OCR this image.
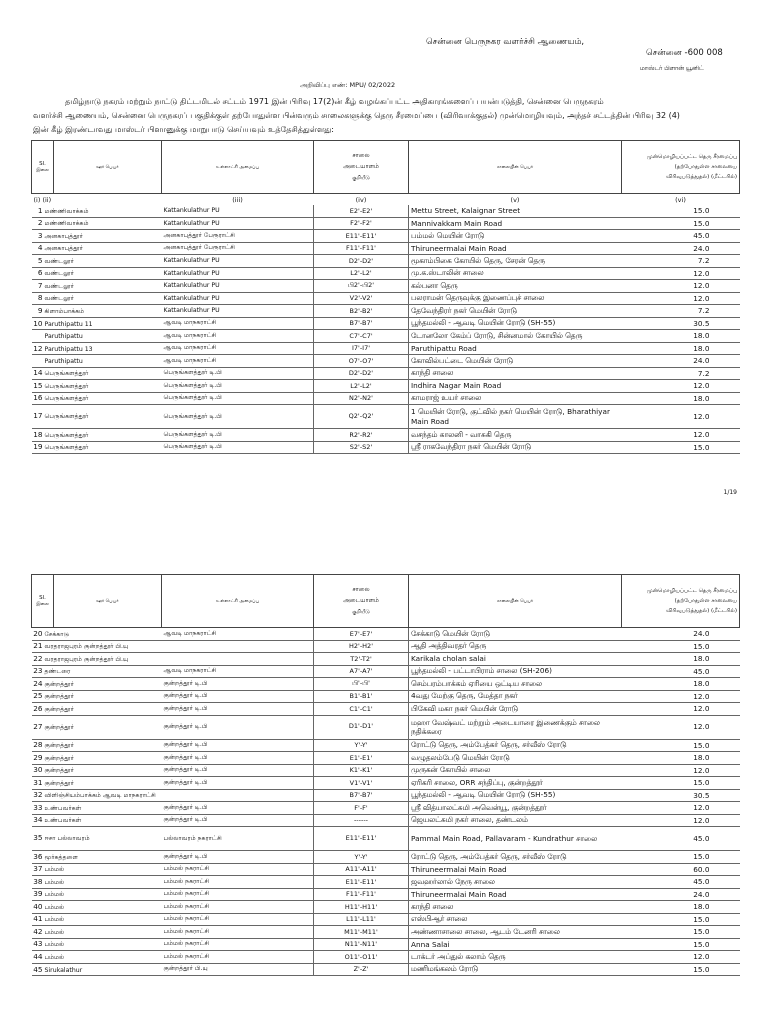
சென்னை பெருநகர வளர்ச்சி ஆணையம்,
சென்னை -600 008
மாஸ்டர் பிளான் யூனிட்
அறிவிப்பு எண்: MPU/ 02/2022

தமிழ்நாடு நகரம் மற்றும் நாட்டு திட்டமிடல் சட்டம் 1971 இன் பிரிவு 17(2)ன் கீழ் வழங்கப்பட்ட அதிகாரங்களைப் பயன்படுத்தி, சென்னை பெருநகரம்

வளர்ச்சி ஆணையம், சென்னை பெருநகரப் பகுதிக்குள் தற்போதுள்ள பின்வரும் சாலைகளுக்கு தெரு சீரமைப்பை (விரிவாக்குதல்) முன்மொழியவும், அந்தச் சட்டத்தின் பிரிவு 32 (4)

இன் கீழ் இரண்டாவது மாஸ்டர் பிளானுக்கு மாறுபாடு செய்யவும் உத்தேசித்துள்ளது:

Sl.
இலை	ஊர் பெயர்	உள்ளாட்சி அமைப்பு	சாலை
அடையாளம்
குறியீடு	சாலையின் பெயர்	முன்மொழியப்பட்ட தெரு சீரமைப்பு
(தற்போதுள்ள சாலையை
விரிவுபடுத்துதல்) (மீட்டரில்)
(i) (ii)		(iii)	(iv)	(v)	(vi)
1 மண்ணிவாக்கம்		Kattankulathur PU	E2'-E2'	Mettu Street, Kalaignar Street	15.0
2 மண்ணிவாக்கம்		Kattankulathur PU	F2'-F2'	Mannivakkam Main Road	15.0
3 அனகாபுத்தூர்		அனகாபுத்தூர் பேரூராட்சி	E11'-E11'	பம்மல் மெயின் ரோடு	45.0
4 அனகாபுத்தூர்		அனகாபுத்தூர் பேரூராட்சி	F11'-F11'	Thiruneermalai Main Road	24.0
5 வண்டலூர்		Kattankulathur PU	D2'-D2'	மூகாம்பிகை கோயில் தெரு, சேரன் தெரு	7.2
6 வண்டலூர்		Kattankulathur PU	L2'-L2'	மு.க.ஸ்டாலின் சாலை	12.0
7 வண்டலூர்		Kattankulathur PU	பி2'-பி2'	கல்பனா தெரு	12.0
8 வண்டலூர்		Kattankulathur PU	V2'-V2'	பலராமன் தெருவுக்கு இணைப்புச் சாலை	12.0
9 கிளாம்பாக்கம்		Kattankulathur PU	B2'-B2'	தேவேந்திரர் நகர் மெயின் ரோடு	7.2
10 Paruthipattu 11		ஆவடி மாநகராட்சி	B7'-B7'	பூந்தமல்லி - ஆவடி மெயின் ரோடு (SH-55)	30.5
Paruthipattu		ஆவடி மாநகராட்சி	C7'-C7'	டோனலோ கேம்ப் ரோடு, சின்னமால் கோயில் தெரு	18.0
12 Paruthipattu 13		ஆவடி மாநகராட்சி	I7'-I7'	Paruthipattu Road	18.0
Paruthipattu		ஆவடி மாநகராட்சி	O7'-O7'	கோவில்பட்டை மெயின் ரோடு	24.0
14 பெருங்களத்தூர்		பெருங்களத்தூர் டி.பி	D2'-D2'	காந்தி சாலை	7.2
15 பெருங்களத்தூர்		பெருங்களத்தூர் டி.பி	L2'-L2'	Indhira Nagar Main Road	12.0
16 பெருங்களத்தூர்		பெருங்களத்தூர் டி.பி	N2'-N2'	காமராஜ் உயர் சாலை	18.0
17 பெருங்களத்தூர்		பெருங்களத்தூர் டி.பி	Q2'-Q2'	1 மெயின் ரோடு, குட்வில் நகர் மெயின் ரோடு, Bharathiyar Main Road	12.0
18 பெருங்களத்தூர்		பெருங்களத்தூர் டி.பி	R2'-R2'	வசந்தம் காலனி - வாசுகி தெரு	12.0
19 பெருங்களத்தூர்		பெருங்களத்தூர் டி.பி	S2'-S2'	ஸ்ரீ ராகவேந்திரா நகர் மெயின் ரோடு	15.0
1/19
Sl.
இலை	ஊர் பெயர்	உள்ளாட்சி அமைப்பு	சாலை
அடையாளம்
குறியீடு	சாலையின் பெயர்	முன்மொழியப்பட்ட தெரு சீரமைப்பு
(தற்போதுள்ள சாலையை
விரிவுபடுத்துதல்) (மீட்டரில்)
20 சேக்காடு		ஆவடி மாநகராட்சி	E7'-E7'	சேக்காடு மெயின் ரோடு	24.0
21 வரதராஜபுரம் குன்றத்தூர் பி.யு			H2'-H2'	ஆதி அத்திவரதர் தெரு	15.0
22 வரதராஜபுரம் குன்றத்தூர் பி.யு			T2'-T2'	Karikala cholan salai	18.0
23 தண்டரை		ஆவடி மாநகராட்சி	A7'-A7'	பூந்தமல்லி - பட்டாபிராம் சாலை (SH-206)	45.0
24 குன்றத்தூர்		குன்றத்தூர் டி.பி	பி'-பி'	செம்பரம்பாக்கம் ஏரியை ஒட்டிய சாலை	18.0
25 குன்றத்தூர்		குன்றத்தூர் டி.பி	B1'-B1'	4வது மேற்கு தெரு, மேத்தா நகர்	12.0
26 குன்றத்தூர்		குன்றத்தூர் டி.பி	C1'-C1'	பிகேவி மகா நகர் மெயின் ரோடு	12.0
27 குன்றத்தூர்		குன்றத்தூர் டி.பி	D1'-D1'	மஹா வேஷ்வட் மற்றும் அடையாரை இணைக்கும் சாலை நதிக்கரை	12.0
28 குன்றத்தூர்		குன்றத்தூர் டி.பி	Y'-Y'	ரோட்டு தெரு, அம்பேத்கர் தெரு, சர்வீஸ் ரோடு	15.0
29 குன்றத்தூர்		குன்றத்தூர் டி.பி	E1'-E1'	வழுதலம்பேடு மெயின் ரோடு	18.0
30 குன்றத்தூர்		குன்றத்தூர் டி.பி	K1'-K1'	முருகன் கோயில் சாலை	12.0
31 குன்றத்தூர்		குன்றத்தூர் டி.பி	V1'-V1'	ஏரிகரி சாலை, ORR சந்திப்பு, குன்றத்தூர்	15.0
32 விளிஞ்சியம்பாக்கம் ஆவடி மாநகராட்சி			B7'-B7'	பூந்தமல்லி - ஆவடி மெயின் ரோடு (SH-55)	30.5
33 உண்பவர்கள்		குன்றத்தூர் டி.பி	F'-F'	ஸ்ரீ வித்யாலட்சுமி அவென்யூ, குன்றத்தூர்	12.0
34 உண்பவர்கள்		குன்றத்தூர் டி.பி	------	ஜெயலட்சுமி நகர் சாலை, தண்டலம்	12.0
35 ஈசா பல்லாவரம்		பல்லாவரம் நகராட்சி	E11'-E11'	Pammal Main Road, Pallavaram - Kundrathur சாலை	45.0
36 மூர்கத்தளை		குன்றத்தூர் டி.பி	Y'-Y'	ரோட்டு தெரு, அம்பேத்கர் தெரு, சர்வீஸ் ரோடு	15.0
37 பம்மல்		பம்மல் நகராட்சி	A11'-A11'	Thiruneermalai Main Road	60.0
38 பம்மல்		பம்மல் நகராட்சி	E11'-E11'	ஜவஹர்லால் நேரு சாலை	45.0
39 பம்மல்		பம்மல் நகராட்சி	F11'-F11'	Thiruneermalai Main Road	24.0
40 பம்மல்		பம்மல் நகராட்சி	H11'-H11'	காந்தி சாலை	18.0
41 பம்மல்		பம்மல் நகராட்சி	L11'-L11'	எஸ்பிஆர் சாலை	15.0
42 பம்மல்		பம்மல் நகராட்சி	M11'-M11'	அண்ணாசாலை சாலை, ஆடம் டேனரி சாலை	15.0
43 பம்மல்		பம்மல் நகராட்சி	N11'-N11'	Anna Salai	15.0
44 பம்மல்		பம்மல் நகராட்சி	O11'-O11'	டாக்டர் அப்துல் கலாம் தெரு	12.0
45 Sirukalathur		குன்றத்தூர் பி.யு	Z'-Z'	மணிமங்கலம் ரோடு	15.0
